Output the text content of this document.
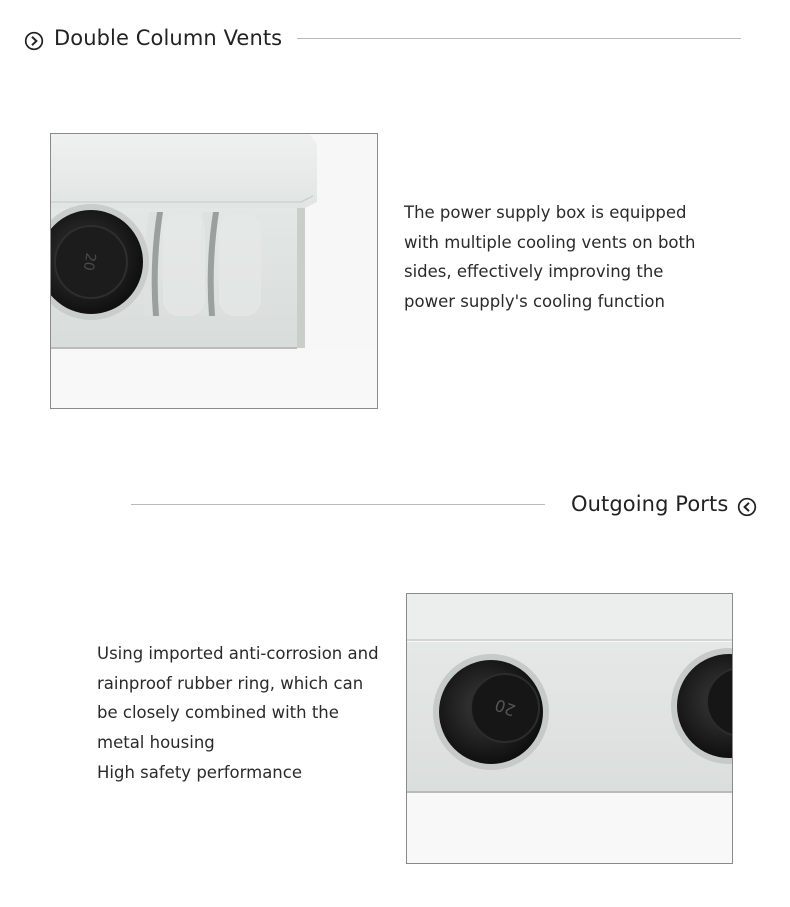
Double Column Vents
20
The power supply box is equipped
with multiple cooling vents on both
sides, effectively improving the
power supply's cooling function
Outgoing Ports
Using imported anti-corrosion and
rainproof rubber ring, which can
be closely combined with the
metal housing
High safety performance
20
